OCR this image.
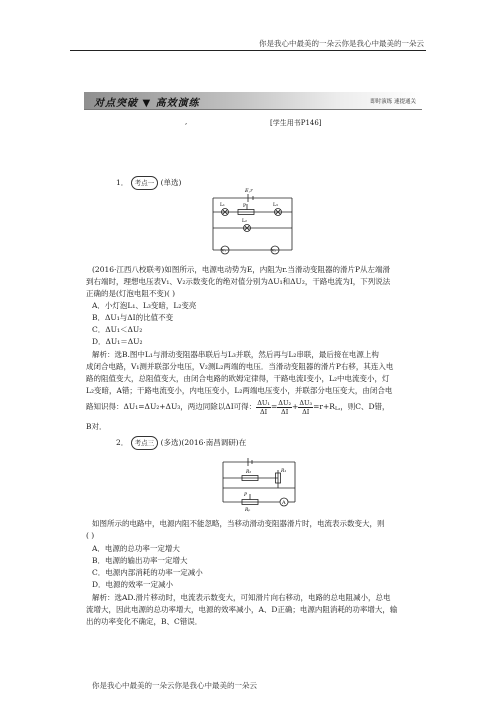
你是我心中最美的一朵云你是我心中最美的一朵云
对点突破 ▼ 高效演练	即时演练 速提通关
,	[学生用书P146]
1． 考点一 (单选)
E,r
L₁	P	L₃
L₂
V₁	V₂
(2016·江西八校联考)如图所示，电源电动势为E，内阻为r.当滑动变阻器的滑片P从左端滑
到右端时，理想电压表V₁、V₂示数变化的绝对值分别为ΔU₁和ΔU₂，干路电流为I，下列说法
正确的是(灯泡电阻不变)( )
A．小灯泡L₁、L₃变暗，L₂变亮
B．ΔU₁与ΔI的比值不变
C．ΔU₁＜ΔU₂
D．ΔU₁＝ΔU₂
解析：选B.图中L₁与滑动变阻器串联后与L₃并联，然后再与L₂串联，最后接在电源上构
成闭合电路，V₁测并联部分电压，V₂测L₂两端的电压．当滑动变阻器的滑片P右移，其连入电
路的阻值变大，总阻值变大，由闭合电路的欧姆定律得，干路电流I变小，L₂中电流变小，灯
L₂变暗，A错；干路电流变小，内电压变小，L₂两端电压变小，并联部分电压变大，由闭合电
路知识得：ΔU₁=ΔU₂+ΔU₃，两边同除以ΔI可得： $\frac{\text{ΔU₁}}{\Delta I} = \frac{\text{ΔU₂}}{\Delta I} + \frac{\text{ΔU₃}}{\Delta I} =r+R_{L_2}$，则C、D错，
B对．
2． 考点三 (多选)(2016·南昌调研)在
R₂	R₁
P
Rₚ
A
如图所示的电路中，电源内阻不能忽略，当移动滑动变阻器滑片时，电流表示数变大，则
( )
A．电源的总功率一定增大
B．电源的输出功率一定增大
C．电源内部消耗的功率一定减小
D．电源的效率一定减小
解析：选AD.滑片移动时，电流表示数变大，可知滑片向右移动，电路的总电阻减小，总电
流增大，因此电源的总功率增大，电源的效率减小，A、D正确；电源内阻消耗的功率增大，输
出的功率变化不确定，B、C错误．
你是我心中最美的一朵云你是我心中最美的一朵云
